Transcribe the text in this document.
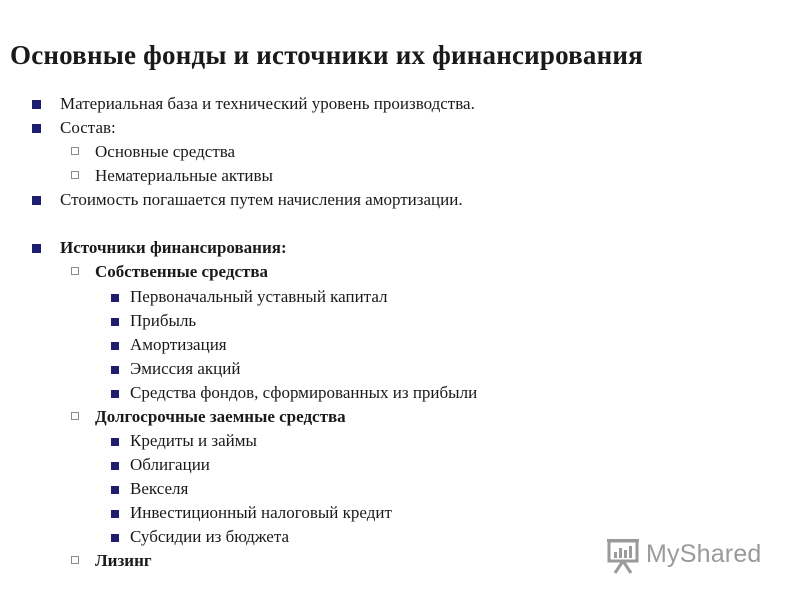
Основные фонды и источники их финансирования
Материальная база и технический уровень производства.
Состав:
Основные средства
Нематериальные активы
Стоимость погашается путем начисления амортизации.
Источники финансирования:
Собственные средства
Первоначальный уставный капитал
Прибыль
Амортизация
Эмиссия акций
Средства фондов, сформированных из прибыли
Долгосрочные заемные средства
Кредиты и займы
Облигации
Векселя
Инвестиционный налоговый кредит
Субсидии из бюджета
Лизинг	MyShared
